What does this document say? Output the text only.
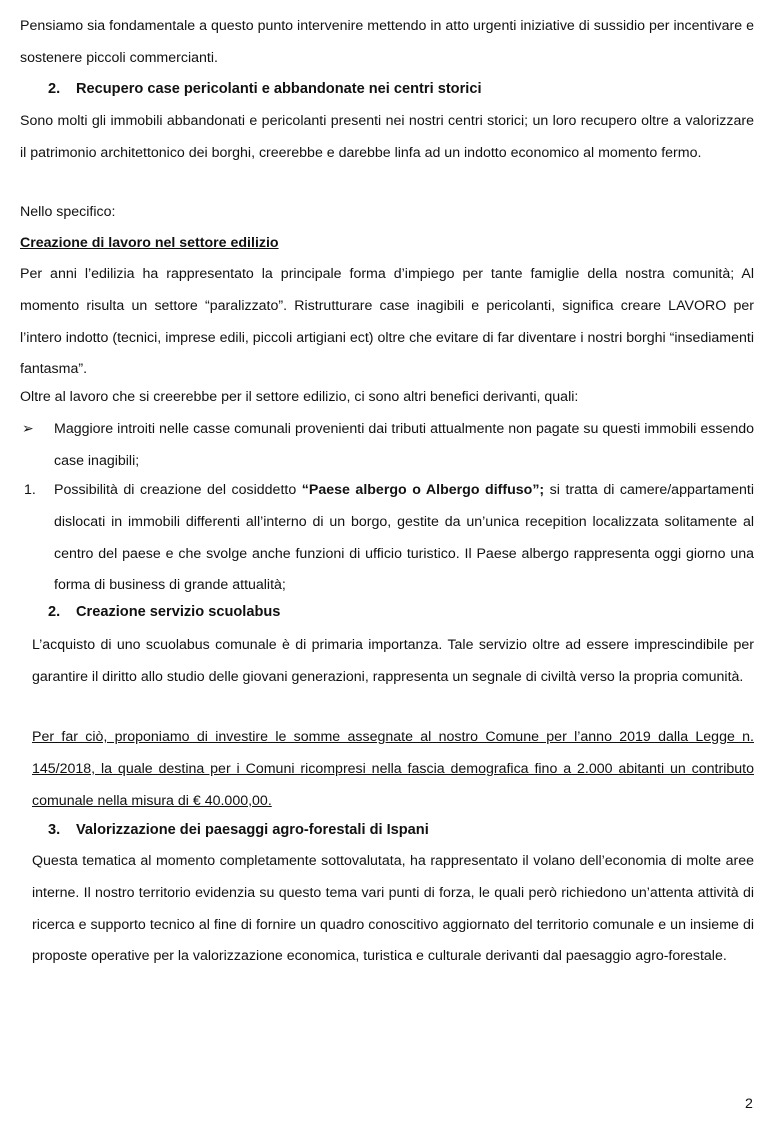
Pensiamo sia fondamentale a questo punto intervenire mettendo in atto urgenti iniziative di sussidio per incentivare e sostenere piccoli commercianti.

2. Recupero case pericolanti e abbandonate nei centri storici

Sono molti gli immobili abbandonati e pericolanti presenti nei nostri centri storici; un loro recupero oltre a valorizzare il patrimonio architettonico dei borghi, creerebbe e darebbe linfa ad un indotto economico al momento fermo.

Nello specifico:

Creazione di lavoro nel settore edilizio

Per anni l’edilizia ha rappresentato la principale forma d’impiego per tante famiglie della nostra comunità; Al momento risulta un settore “paralizzato”. Ristrutturare case inagibili e pericolanti, significa creare LAVORO per l’intero indotto (tecnici, imprese edili, piccoli artigiani ect) oltre che evitare di far diventare i nostri borghi “insediamenti fantasma”.

Oltre al lavoro che si creerebbe per il settore edilizio, ci sono altri benefici derivanti, quali:

➢ Maggiore introiti nelle casse comunali provenienti dai tributi attualmente non pagate su questi immobili essendo case inagibili;

1. Possibilità di creazione del cosiddetto “Paese albergo o Albergo diffuso”; si tratta di camere/appartamenti dislocati in immobili differenti all’interno di un borgo, gestite da un’unica recepition localizzata solitamente al centro del paese e che svolge anche funzioni di ufficio turistico. Il Paese albergo rappresenta oggi giorno una forma di business di grande attualità;

2. Creazione servizio scuolabus

L’acquisto di uno scuolabus comunale è di primaria importanza. Tale servizio oltre ad essere imprescindibile per garantire il diritto allo studio delle giovani generazioni, rappresenta un segnale di civiltà verso la propria comunità.

Per far ciò, proponiamo di investire le somme assegnate al nostro Comune per l’anno 2019 dalla Legge n. 145/2018, la quale destina per i Comuni ricompresi nella fascia demografica fino a 2.000 abitanti un contributo comunale nella misura di € 40.000,00.

3. Valorizzazione dei paesaggi agro-forestali di Ispani

Questa tematica al momento completamente sottovalutata, ha rappresentato il volano dell’economia di molte aree interne. Il nostro territorio evidenzia su questo tema vari punti di forza, le quali però richiedono un’attenta attività di ricerca e supporto tecnico al fine di fornire un quadro conoscitivo aggiornato del territorio comunale e un insieme di proposte operative per la valorizzazione economica, turistica e culturale derivanti dal paesaggio agro-forestale.

2
